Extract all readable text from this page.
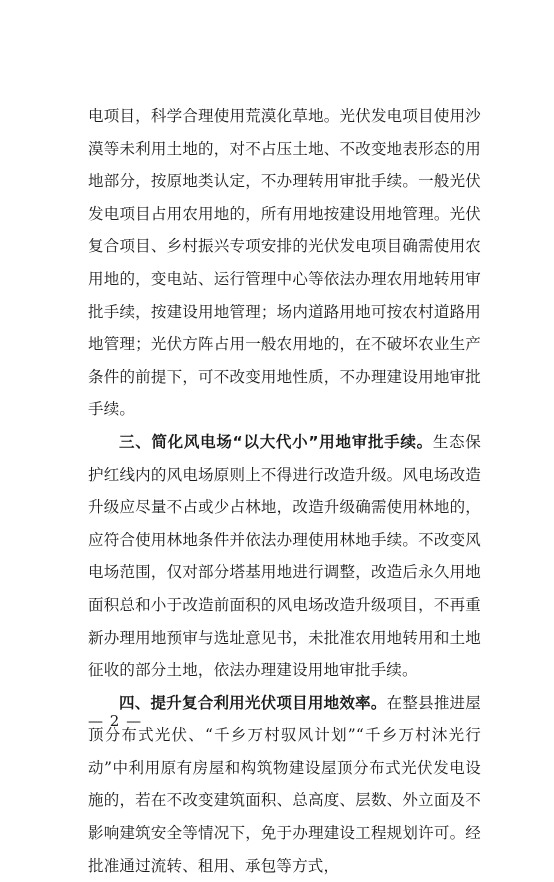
电项目，科学合理使用荒漠化草地。光伏发电项目使用沙漠等未利用土地的，对不占压土地、不改变地表形态的用地部分，按原地类认定，不办理转用审批手续。一般光伏发电项目占用农用地的，所有用地按建设用地管理。光伏复合项目、乡村振兴专项安排的光伏发电项目确需使用农用地的，变电站、运行管理中心等依法办理农用地转用审批手续，按建设用地管理；场内道路用地可按农村道路用地管理；光伏方阵占用一般农用地的，在不破坏农业生产条件的前提下，可不改变用地性质，不办理建设用地审批手续。

三、简化风电场“以大代小”用地审批手续。生态保护红线内的风电场原则上不得进行改造升级。风电场改造升级应尽量不占或少占林地，改造升级确需使用林地的，应符合使用林地条件并依法办理使用林地手续。不改变风电场范围，仅对部分塔基用地进行调整，改造后永久用地面积总和小于改造前面积的风电场改造升级项目，不再重新办理用地预审与选址意见书，未批准农用地转用和土地征收的部分土地，依法办理建设用地审批手续。

四、提升复合利用光伏项目用地效率。在整县推进屋顶分布式光伏、“千乡万村驭风计划”“千乡万村沐光行动”中利用原有房屋和构筑物建设屋顶分布式光伏发电设施的，若在不改变建筑面积、总高度、层数、外立面及不影响建筑安全等情况下，免于办理建设工程规划许可。经批准通过流转、租用、承包等方式，

— 2 —
